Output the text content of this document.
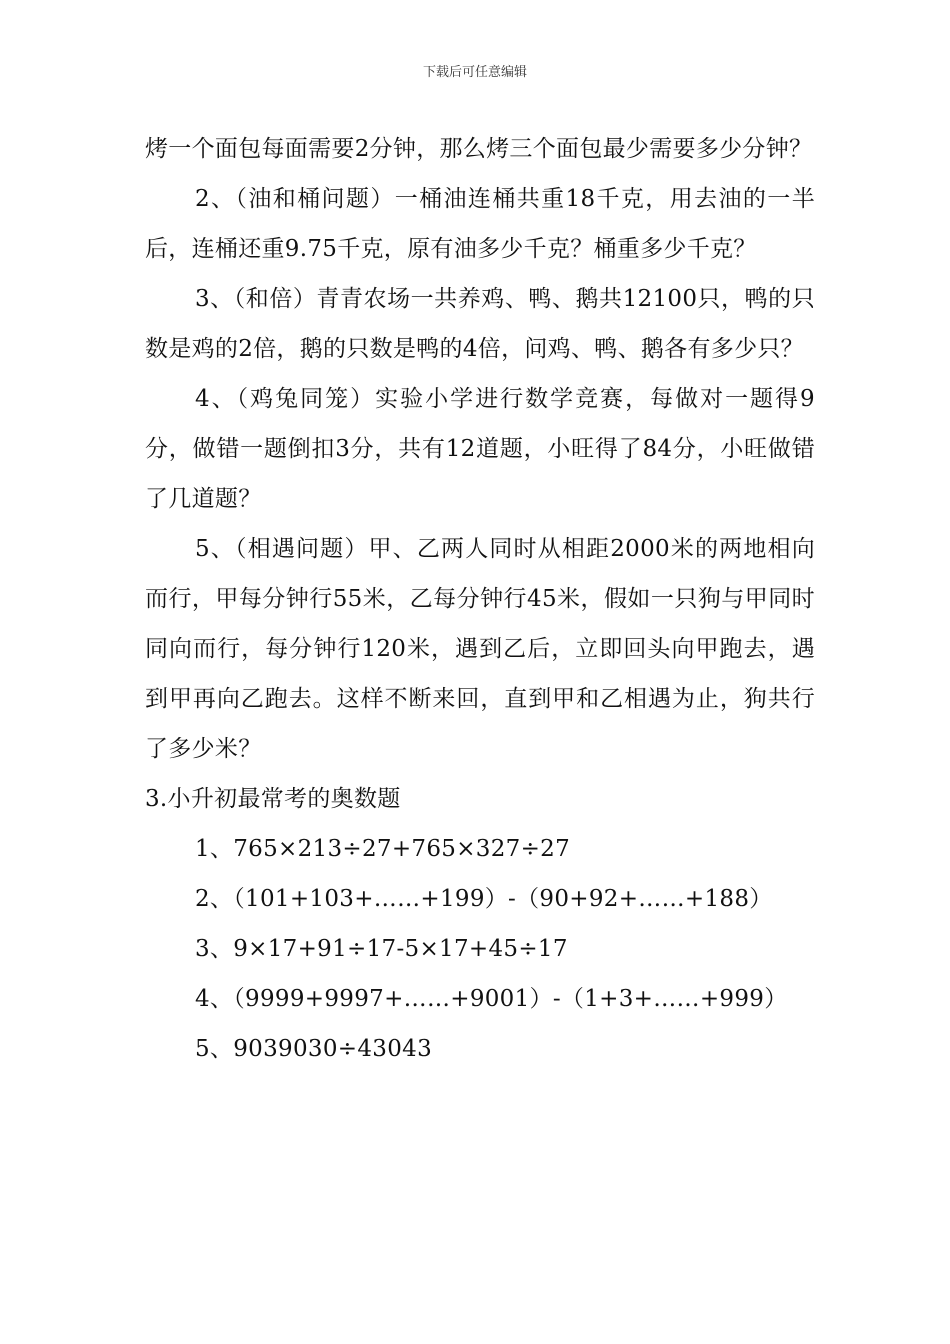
下载后可任意编辑

烤一个面包每面需要2分钟，那么烤三个面包最少需要多少分钟？

2、（油和桶问题）一桶油连桶共重18千克，用去油的一半后，连桶还重9.75千克，原有油多少千克？桶重多少千克？

3、（和倍）青青农场一共养鸡、鸭、鹅共12100只，鸭的只数是鸡的2倍，鹅的只数是鸭的4倍，问鸡、鸭、鹅各有多少只？

4、（鸡兔同笼）实验小学进行数学竞赛，每做对一题得9分，做错一题倒扣3分，共有12道题，小旺得了84分，小旺做错了几道题？

5、（相遇问题）甲、乙两人同时从相距2000米的两地相向而行，甲每分钟行55米，乙每分钟行45米，假如一只狗与甲同时同向而行，每分钟行120米，遇到乙后，立即回头向甲跑去，遇到甲再向乙跑去。这样不断来回，直到甲和乙相遇为止，狗共行了多少米？

3.小升初最常考的奥数题

1、765×213÷27+765×327÷27

2、（101+103+……+199）-（90+92+……+188）

3、9×17+91÷17-5×17+45÷17

4、（9999+9997+……+9001）-（1+3+……+999）

5、9039030÷43043
